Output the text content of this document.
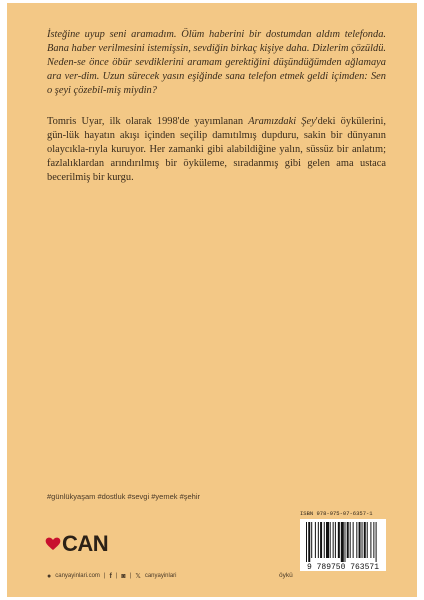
İsteğine uyup seni aramadım. Ölüm haberini bir dostumdan aldım telefonda. Bana haber verilmesini istemişsin, sevdiğin birkaç kişiye daha. Dizlerim çözüldü. Neden-se önce öbür sevdiklerini aramam gerektiğini düşündüğümden ağlamaya ara ver-dim. Uzun sürecek yasın eşiğinde sana telefon etmek geldi içimden: Sen o şeyi çözebil-miş miydin?

Tomris Uyar, ilk olarak 1998'de yayımlanan Aramızdaki Şey'deki öykülerini, gün-lük hayatın akışı içinden seçilip damıtılmış dupduru, sakin bir dünyanın olaycıkla-rıyla kuruyor. Her zamanki gibi alabildiğine yalın, süssüz bir anlatım; fazlalıklardan arındırılmış bir öyküleme, sıradanmış gibi gelen ama ustaca becerilmiş bir kurgu.

#günlükyaşam #dostluk #sevgi #yemek #şehir
ISBN 978-975-07-6357-1
9 789750 763571
CAN
● canyayinlari.com | f | ◙ | 𝕏 canyayinlari	öykü
